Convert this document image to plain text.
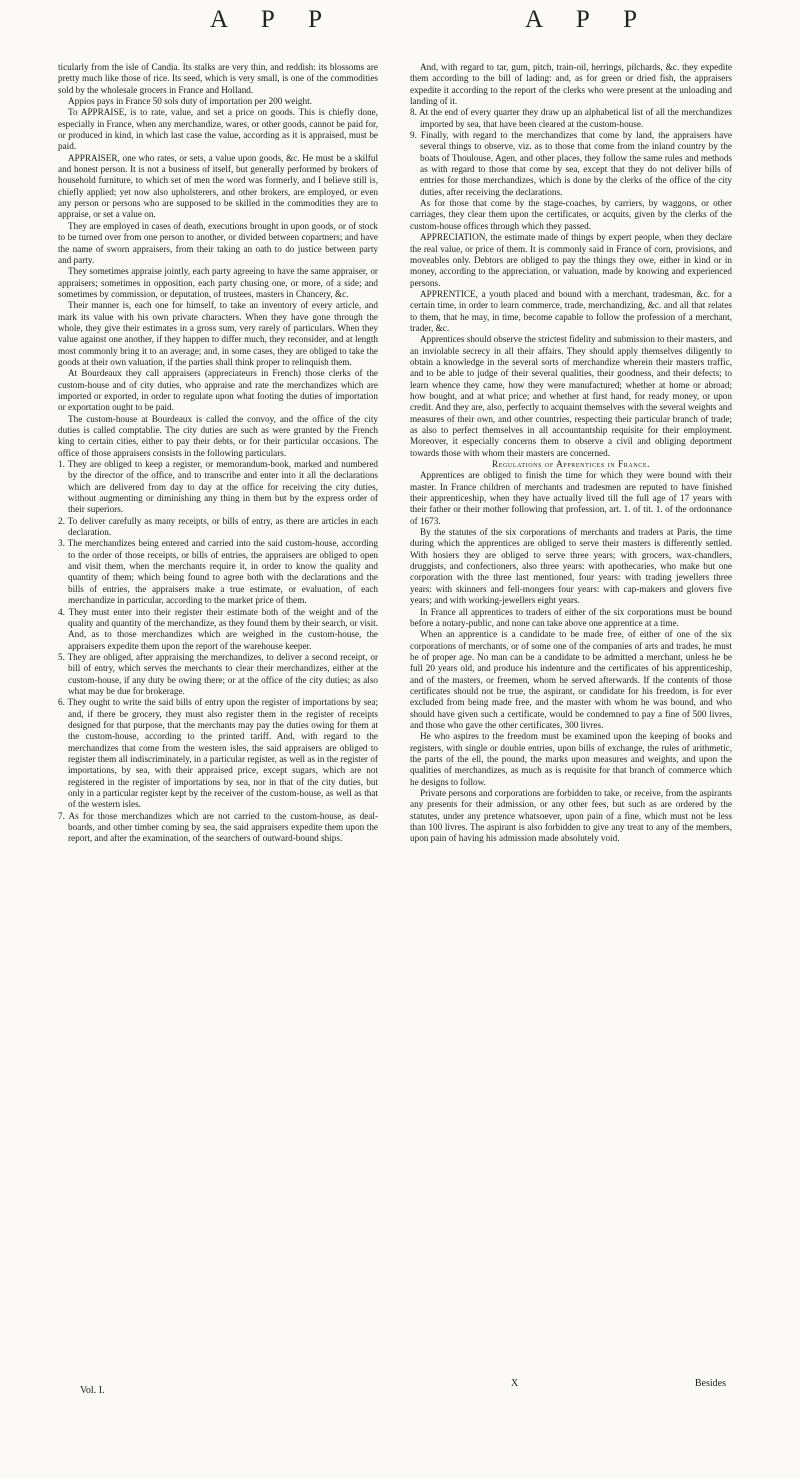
A P P	A P P

ticularly from the isle of Candia. Its stalks are very thin, and reddish: its blossoms are pretty much like those of rice. Its seed, which is very small, is one of the commodities sold by the wholesale grocers in France and Holland.

Appios pays in France 50 sols duty of importation per 200 weight.

To APPRAISE, is to rate, value, and set a price on goods. This is chiefly done, especially in France, when any merchandize, wares, or other goods, cannot be paid for, or produced in kind, in which last case the value, according as it is appraised, must be paid.

APPRAISER, one who rates, or sets, a value upon goods, &c. He must be a skilful and honest person. It is not a business of itself, but generally performed by brokers of household furniture, to which set of men the word was formerly, and I believe still is, chiefly applied; yet now also upholsterers, and other brokers, are employed, or even any person or persons who are supposed to be skilled in the commodities they are to appraise, or set a value on.

They are employed in cases of death, executions brought in upon goods, or of stock to be turned over from one person to another, or divided between copartners; and have the name of sworn appraisers, from their taking an oath to do justice between party and party.

They sometimes appraise jointly, each party agreeing to have the same appraiser, or appraisers; sometimes in opposition, each party chusing one, or more, of a side; and sometimes by commission, or deputation, of trustees, masters in Chancery, &c.

Their manner is, each one for himself, to take an inventory of every article, and mark its value with his own private characters. When they have gone through the whole, they give their estimates in a gross sum, very rarely of particulars. When they value against one another, if they happen to differ much, they reconsider, and at length most commonly bring it to an average; and, in some cases, they are obliged to take the goods at their own valuation, if the parties shall think proper to relinquish them.

At Bourdeaux they call appraisers (appreciateurs in French) those clerks of the custom-house and of city duties, who appraise and rate the merchandizes which are imported or exported, in order to regulate upon what footing the duties of importation or exportation ought to be paid.

The custom-house at Bourdeaux is called the convoy, and the office of the city duties is called comptablie. The city duties are such as were granted by the French king to certain cities, either to pay their debts, or for their particular occasions. The office of those appraisers consists in the following particulars.

1. They are obliged to keep a register, or memorandum-book, marked and numbered by the director of the office, and to transcribe and enter into it all the declarations which are delivered from day to day at the office for receiving the city duties, without augmenting or diminishing any thing in them but by the express order of their superiors.

2. To deliver carefully as many receipts, or bills of entry, as there are articles in each declaration.

3. The merchandizes being entered and carried into the said custom-house, according to the order of those receipts, or bills of entries, the appraisers are obliged to open and visit them, when the merchants require it, in order to know the quality and quantity of them; which being found to agree both with the declarations and the bills of entries, the appraisers make a true estimate, or evaluation, of each merchandize in particular, according to the market price of them.

4. They must enter into their register their estimate both of the weight and of the quality and quantity of the merchandize, as they found them by their search, or visit. And, as to those merchandizes which are weighed in the custom-house, the appraisers expedite them upon the report of the warehouse keeper.

5. They are obliged, after appraising the merchandizes, to deliver a second receipt, or bill of entry, which serves the merchants to clear their merchandizes, either at the custom-house, if any duty be owing there; or at the office of the city duties; as also what may be due for brokerage.

6. They ought to write the said bills of entry upon the register of importations by sea; and, if there be grocery, they must also register them in the register of receipts designed for that purpose, that the merchants may pay the duties owing for them at the custom-house, according to the printed tariff. And, with regard to the merchandizes that come from the western isles, the said appraisers are obliged to register them all indiscriminately, in a particular register, as well as in the register of importations, by sea, with their appraised price, except sugars, which are not registered in the register of importations by sea, nor in that of the city duties, but only in a particular register kept by the receiver of the custom-house, as well as that of the western isles.

7. As for those merchandizes which are not carried to the custom-house, as deal-boards, and other timber coming by sea, the said appraisers expedite them upon the report, and after the examination, of the searchers of outward-bound ships.

And, with regard to tar, gum, pitch, train-oil, herrings, pilchards, &c. they expedite them according to the bill of lading: and, as for green or dried fish, the appraisers expedite it according to the report of the clerks who were present at the unloading and landing of it.

8. At the end of every quarter they draw up an alphabetical list of all the merchandizes imported by sea, that have been cleared at the custom-house.

9. Finally, with regard to the merchandizes that come by land, the appraisers have several things to observe, viz. as to those that come from the inland country by the boats of Thoulouse, Agen, and other places, they follow the same rules and methods as with regard to those that come by sea, except that they do not deliver bills of entries for those merchandizes, which is done by the clerks of the office of the city duties, after receiving the declarations.

As for those that come by the stage-coaches, by carriers, by waggons, or other carriages, they clear them upon the certificates, or acquits, given by the clerks of the custom-house offices through which they passed.

APPRECIATION, the estimate made of things by expert people, when they declare the real value, or price of them. It is commonly said in France of corn, provisions, and moveables only. Debtors are obliged to pay the things they owe, either in kind or in money, according to the appreciation, or valuation, made by knowing and experienced persons.

APPRENTICE, a youth placed and bound with a merchant, tradesman, &c. for a certain time, in order to learn commerce, trade, merchandizing, &c. and all that relates to them, that he may, in time, become capable to follow the profession of a merchant, trader, &c.

Apprentices should observe the strictest fidelity and submission to their masters, and an inviolable secrecy in all their affairs. They should apply themselves diligently to obtain a knowledge in the several sorts of merchandize wherein their masters traffic, and to be able to judge of their several qualities, their goodness, and their defects; to learn whence they came, how they were manufactured; whether at home or abroad; how bought, and at what price; and whether at first hand, for ready money, or upon credit. And they are, also, perfectly to acquaint themselves with the several weights and measures of their own, and other countries, respecting their particular branch of trade; as also to perfect themselves in all accountantship requisite for their employment. Moreover, it especially concerns them to observe a civil and obliging deportment towards those with whom their masters are concerned.

Regulations of Apprentices in France.

Apprentices are obliged to finish the time for which they were bound with their master. In France children of merchants and tradesmen are reputed to have finished their apprenticeship, when they have actually lived till the full age of 17 years with their father or their mother following that profession, art. 1. of tit. 1. of the ordonnance of 1673.

By the statutes of the six corporations of merchants and traders at Paris, the time during which the apprentices are obliged to serve their masters is differently settled. With hosiers they are obliged to serve three years; with grocers, wax-chandlers, druggists, and confectioners, also three years: with apothecaries, who make but one corporation with the three last mentioned, four years: with trading jewellers three years: with skinners and fell-mongers four years: with cap-makers and glovers five years; and with working-jewellers eight years.

In France all apprentices to traders of either of the six corporations must be bound before a notary-public, and none can take above one apprentice at a time.

When an apprentice is a candidate to be made free, of either of one of the six corporations of merchants, or of some one of the companies of arts and trades, he must be of proper age. No man can be a candidate to be admitted a merchant, unless he be full 20 years old, and produce his indenture and the certificates of his apprenticeship, and of the masters, or freemen, whom he served afterwards. If the contents of those certificates should not be true, the aspirant, or candidate for his freedom, is for ever excluded from being made free, and the master with whom he was bound, and who should have given such a certificate, would be condemned to pay a fine of 500 livres, and those who gave the other certificates, 300 livres.

He who aspires to the freedom must be examined upon the keeping of books and registers, with single or double entries, upon bills of exchange, the rules of arithmetic, the parts of the ell, the pound, the marks upon measures and weights, and upon the qualities of merchandizes, as much as is requisite for that branch of commerce which he designs to follow.

Private persons and corporations are forbidden to take, or receive, from the aspirants any presents for their admission, or any other fees, but such as are ordered by the statutes, under any pretence whatsoever, upon pain of a fine, which must not be less than 100 livres. The aspirant is also forbidden to give any treat to any of the members, upon pain of having his admission made absolutely void.

Vol. I.
X	Besides
